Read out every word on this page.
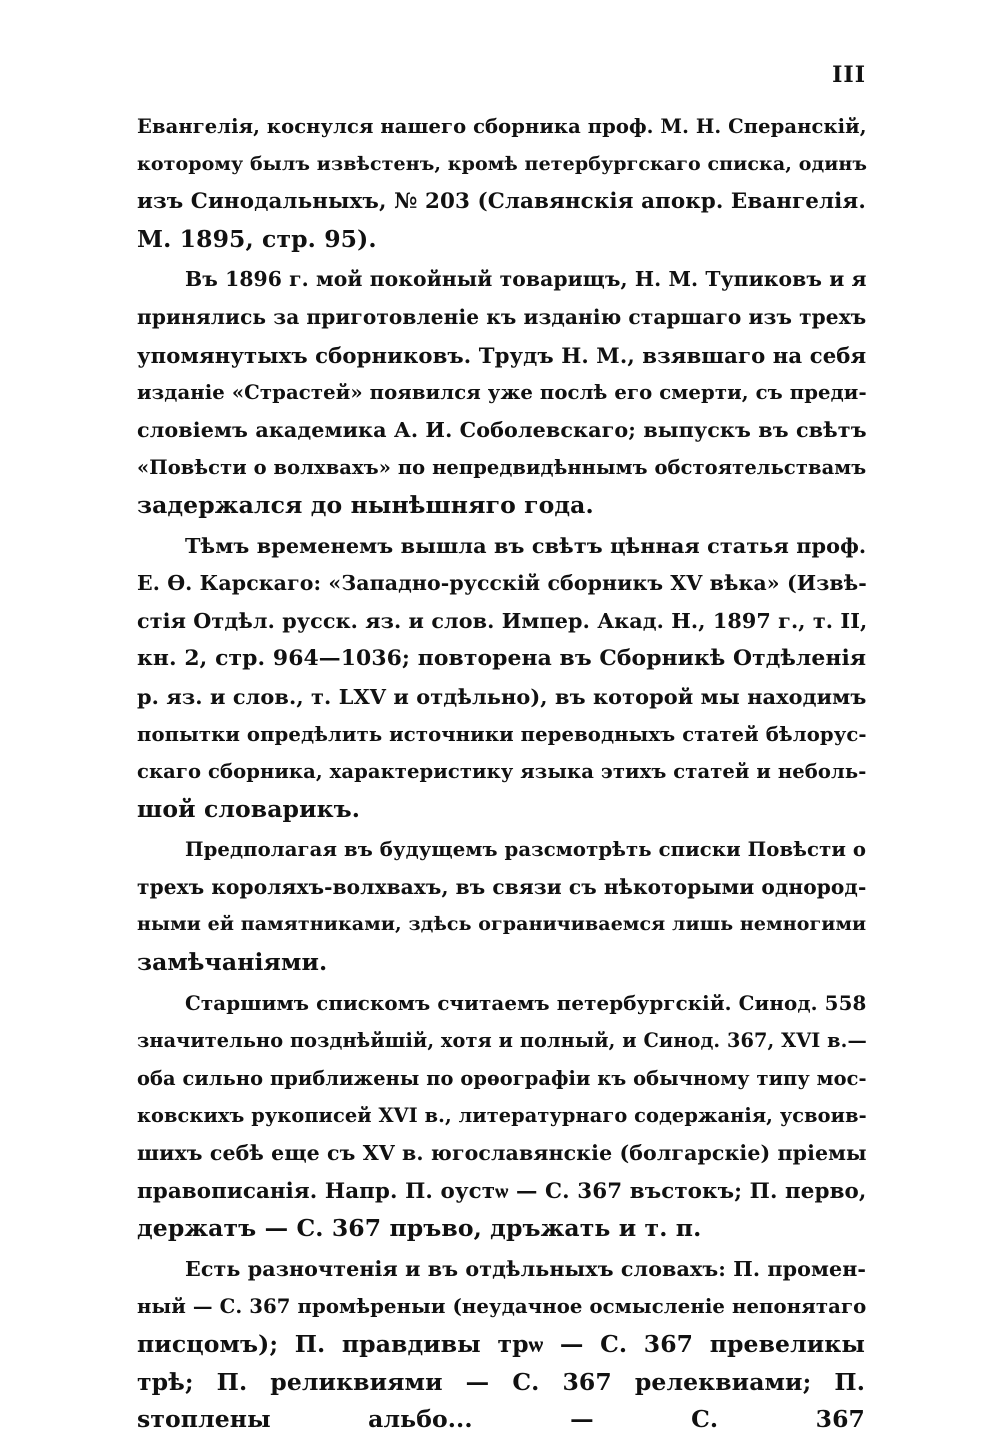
III
Евангелія, коснулся нашего сборника проф. М. Н. Сперанскій,
которому былъ извѣстенъ, кромѣ петербургскаго списка, одинъ
изъ Синодальныхъ, № 203 (Славянскія апокр. Евангелія.
М. 1895, стр. 95).
Въ 1896 г. мой покойный товарищъ, Н. М. Тупиковъ и я
принялись за приготовленіе къ изданію старшаго изъ трехъ
упомянутыхъ сборниковъ. Трудъ Н. М., взявшаго на себя
изданіе «Страстей» появился уже послѣ его смерти, съ преди-
словіемъ академика А. И. Соболевскаго; выпускъ въ свѣтъ
«Повѣсти о волхвахъ» по непредвидѣннымъ обстоятельствамъ
задержался до нынѣшняго года.
Тѣмъ временемъ вышла въ свѣтъ цѣнная статья проф.
Е. Ѳ. Карскаго: «Западно-русскій сборникъ XV вѣка» (Извѣ-
стія Отдѣл. русск. яз. и слов. Импер. Акад. Н., 1897 г., т. II,
кн. 2, стр. 964—1036; повторена въ Сборникѣ Отдѣленія
р. яз. и слов., т. LXV и отдѣльно), въ которой мы находимъ
попытки опредѣлить источники переводныхъ статей бѣлорус-
скаго сборника, характеристику языка этихъ статей и неболь-
шой словарикъ.
Предполагая въ будущемъ разсмотрѣть списки Повѣсти о
трехъ короляхъ-волхвахъ, въ связи съ нѣкоторыми однород-
ными ей памятниками, здѣсь ограничиваемся лишь немногими
замѣчаніями.
Старшимъ спискомъ считаемъ петербургскій. Синод. 558
значительно позднѣйшій, хотя и полный, и Синод. 367, XVI в.—
оба сильно приближены по орѳографіи къ обычному типу мос-
ковскихъ рукописей XVI в., литературнаго содержанія, усвоив-
шихъ себѣ еще съ XV в. югославянскіе (болгарскіе) пріемы
правописанія. Напр. П. оустѡ — С. 367 въстокъ; П. перво,
держатъ — С. 367 пръво, дръжать и т. п.
Есть разночтенія и въ отдѣльныхъ словахъ: П. промен-
ный — С. 367 промѣреныи (неудачное осмысленіе непонятаго
писцомъ); П. правдивы трѡ — С. 367 превеликы трѣ; П. реликвиями — С. 367 релеквиами; П. ѕтоплены альбо... — С. 367
